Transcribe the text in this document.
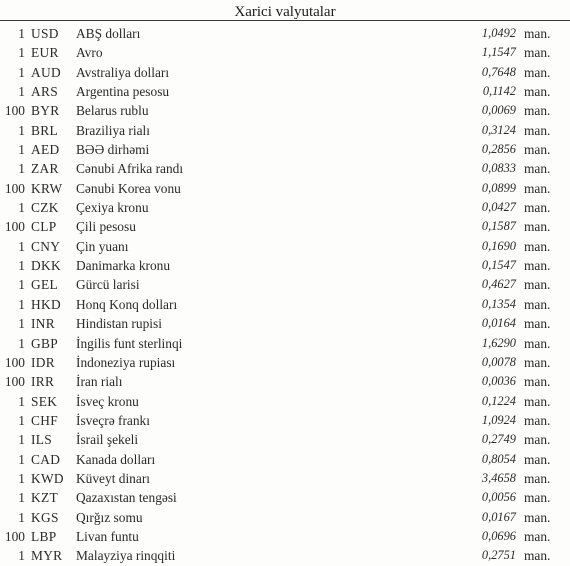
Xarici valyutalar
1 USD	ABŞ dolları	1,0492 man.
1 EUR	Avro	1,1547 man.
1 AUD	Avstraliya dolları	0,7648 man.
1 ARS	Argentina pesosu	0,1142 man.
100 BYR	Belarus rublu	0,0069 man.
1 BRL	Braziliya rialı	0,3124 man.
1 AED	BƏƏ dirhəmi	0,2856 man.
1 ZAR	Cənubi Afrika randı	0,0833 man.
100 KRW	Cənubi Korea vonu	0,0899 man.
1 CZK	Çexiya kronu	0,0427 man.
100 CLP	Çili pesosu	0,1587 man.
1 CNY	Çin yuanı	0,1690 man.
1 DKK	Danimarka kronu	0,1547 man.
1 GEL	Gürcü larisi	0,4627 man.
1 HKD	Honq Konq dolları	0,1354 man.
1 INR	Hindistan rupisi	0,0164 man.
1 GBP	İngilis funt sterlinqi	1,6290 man.
100 IDR	İndoneziya rupiası	0,0078 man.
100 IRR	İran rialı	0,0036 man.
1 SEK	İsveç kronu	0,1224 man.
1 CHF	İsveçrə frankı	1,0924 man.
1 ILS	İsrail şekeli	0,2749 man.
1 CAD	Kanada dolları	0,8054 man.
1 KWD Küveyt dinarı	3,4658 man.
1 KZT	Qazaxıstan tengəsi	0,0056 man.
1 KGS	Qırğız somu	0,0167 man.
100 LBP	Livan funtu	0,0696 man.
1 MYR	Malayziya rinqqiti	0,2751 man.
